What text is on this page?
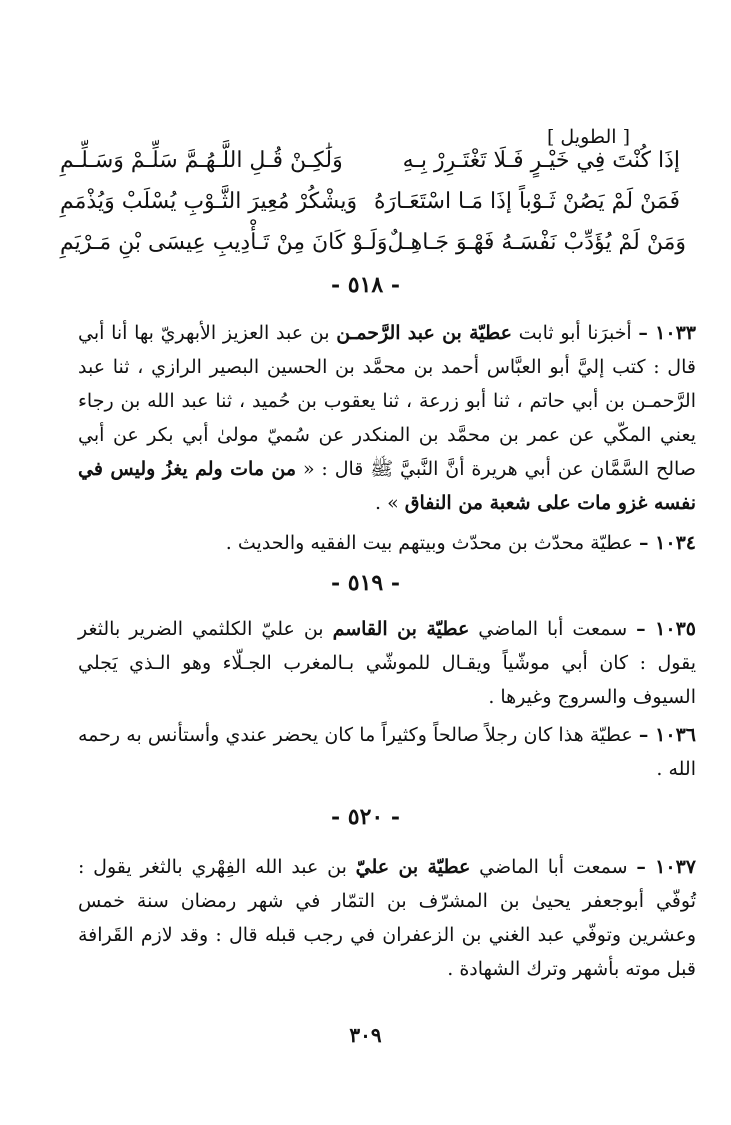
[ الطويل ]
وَلَٰكِـنْ قُـلِ اللَّـهُـمَّ سَلِّـمْ وَسَـلِّـمِ	إذَا كُنْتَ فِي خَيْـرٍ فَـلَا تَغْتَـرِرْ بِـهِ
وَيشْكُرْ مُعِيرَ الثَّـوْبِ يُسْلَبْ وَيُذْمَمِ فَمَنْ لَمْ يَصُنْ ثَـوْباً إذَا مَـا اسْتَعَـارَهُ
وَلَـوْ كَانَ مِنْ تَـأْدِيبِ عِيسَى بْنِ مَـرْيَمِ وَمَنْ لَمْ يُؤَدِّبْ نَفْسَـهُ فَهْـوَ جَـاهِـلٌ
- ٥١٨ -
١٠٣٣ – أخبرَنا أبو ثابت عطيّة بن عبد الرَّحمـن بن عبد العزيز الأبهريّ بها أنا أبي قال : كتب إليَّ أبو العبَّاس أحمد بن محمَّد بن الحسين البصير الرازي ، ثنا عبد الرَّحمـن بن أبي حاتم ، ثنا أبو زرعة ، ثنا يعقوب بن حُميد ، ثنا عبد الله بن رجاء يعني المكّي عن عمر بن محمَّد بن المنكدر عن سُميّ مولىٰ أبي بكر عن أبي صالح السَّمَّان عن أبي هريرة أنَّ النَّبيَّ ﷺ قال : « من مات ولم يغزُ وليس في نفسه غزو مات على شعبة من النفاق » .
١٠٣٤ – عطيّة محدّث بن محدّث وبيتهم بيت الفقيه والحديث .
- ٥١٩ -
١٠٣٥ – سمعت أبا الماضي عطيّة بن القاسم بن عليّ الكلثمي الضرير بالثغر يقول : كان أبي موشّياً ويقـال للموشّي بـالمغرب الجـلّاء وهو الـذي يَجلي السيوف والسروج وغيرها .
١٠٣٦ – عطيّة هذا كان رجلاً صالحاً وكثيراً ما كان يحضر عندي وأستأنس به رحمه الله .
- ٥٢٠ -
١٠٣٧ – سمعت أبا الماضي عطيّة بن عليّ بن عبد الله الفِهْري بالثغر يقول : تُوفّي أبوجعفر يحيىٰ بن المشرّف بن التمّار في شهر رمضان سنة خمس وعشرين وتوفّي عبد الغني بن الزعفران في رجب قبله قال : وقد لازم القَرافة قبل موته بأشهر وترك الشهادة .
٣٠٩
